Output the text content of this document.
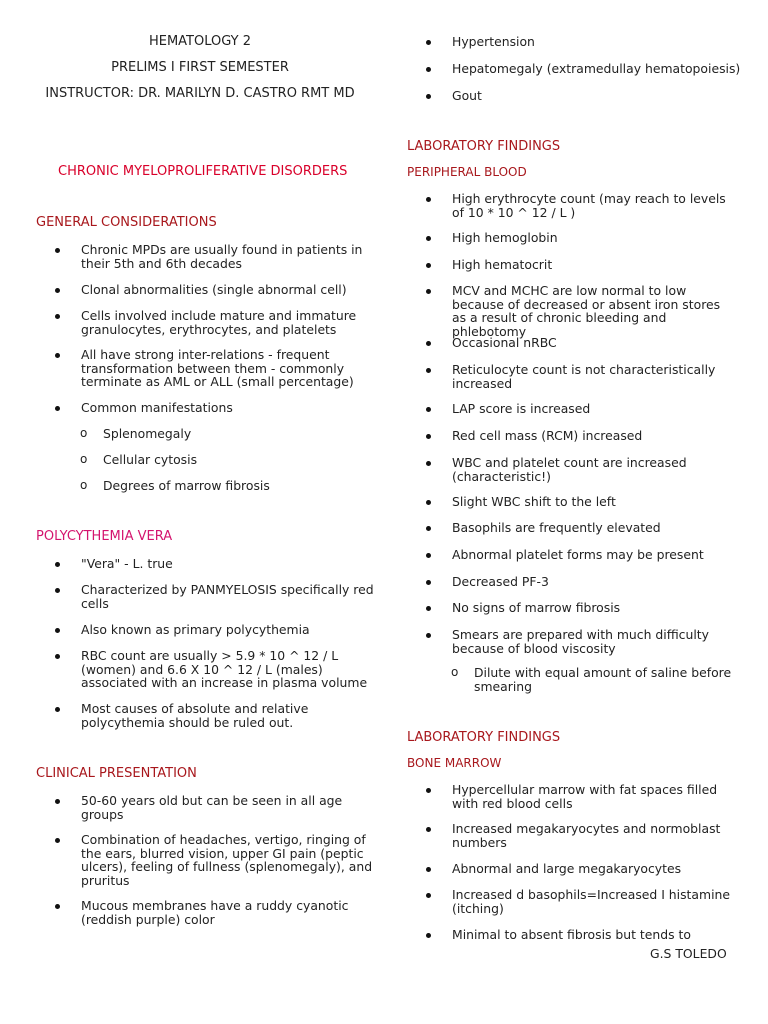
HEMATOLOGY 2
PRELIMS I FIRST SEMESTER
INSTRUCTOR: DR. MARILYN D. CASTRO RMT MD
CHRONIC MYELOPROLIFERATIVE DISORDERS
GENERAL CONSIDERATIONS
Chronic MPDs are usually found in patients in their 5th and 6th decades
Clonal abnormalities (single abnormal cell)
Cells involved include mature and immature granulocytes, erythrocytes, and platelets
All have strong inter-relations - frequent transformation between them - commonly terminate as AML or ALL (small percentage)
Common manifestations
o Splenomegaly
o Cellular cytosis
o Degrees of marrow fibrosis
POLYCYTHEMIA VERA
"Vera" - L. true
Characterized by PANMYELOSIS specifically red cells
Also known as primary polycythemia
RBC count are usually > 5.9 * 10 ^ 12 / L (women) and 6.6 X 10 ^ 12 / L (males) associated with an increase in plasma volume
Most causes of absolute and relative polycythemia should be ruled out.
CLINICAL PRESENTATION
50-60 years old but can be seen in all age groups
Combination of headaches, vertigo, ringing of the ears, blurred vision, upper GI pain (peptic ulcers), feeling of fullness (splenomegaly), and pruritus
Mucous membranes have a ruddy cyanotic (reddish purple) color
Hypertension
Hepatomegaly (extramedullay hematopoiesis)
Gout
LABORATORY FINDINGS
PERIPHERAL BLOOD
High erythrocyte count (may reach to levels of 10 * 10 ^ 12 / L )
High hemoglobin
High hematocrit
MCV and MCHC are low normal to low because of decreased or absent iron stores as a result of chronic bleeding and phlebotomy
Occasional nRBC
Reticulocyte count is not characteristically increased
LAP score is increased
Red cell mass (RCM) increased
WBC and platelet count are increased (characteristic!)
Slight WBC shift to the left
Basophils are frequently elevated
Abnormal platelet forms may be present
Decreased PF-3
No signs of marrow fibrosis
Smears are prepared with much difficulty because of blood viscosity
o Dilute with equal amount of saline before smearing
LABORATORY FINDINGS
BONE MARROW
Hypercellular marrow with fat spaces filled with red blood cells
Increased megakaryocytes and normoblast numbers
Abnormal and large megakaryocytes
Increased d basophils=Increased I histamine (itching)
Minimal to absent fibrosis but tends to
G.S TOLEDO
